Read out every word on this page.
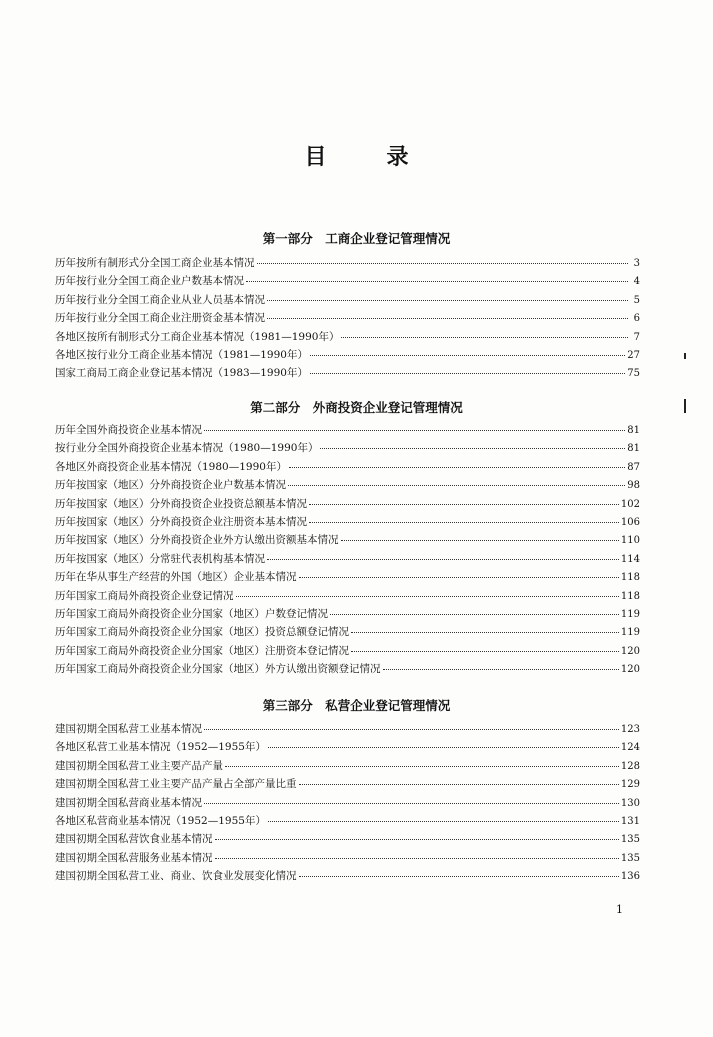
目	录
第一部分　工商企业登记管理情况
历年按所有制形式分全国工商企业基本情况	3
历年按行业分全国工商企业户数基本情况	4
历年按行业分全国工商企业从业人员基本情况	5
历年按行业分全国工商企业注册资金基本情况	6
各地区按所有制形式分工商企业基本情况（1981—1990年）	7
各地区按行业分工商企业基本情况（1981—1990年）	27
国家工商局工商企业登记基本情况（1983—1990年）	75
第二部分　外商投资企业登记管理情况
历年全国外商投资企业基本情况	81
按行业分全国外商投资企业基本情况（1980—1990年）	81
各地区外商投资企业基本情况（1980—1990年）	87
历年按国家（地区）分外商投资企业户数基本情况	98
历年按国家（地区）分外商投资企业投资总额基本情况	102
历年按国家（地区）分外商投资企业注册资本基本情况	106
历年按国家（地区）分外商投资企业外方认缴出资额基本情况	110
历年按国家（地区）分常驻代表机构基本情况	114
历年在华从事生产经营的外国（地区）企业基本情况	118
历年国家工商局外商投资企业登记情况	118
历年国家工商局外商投资企业分国家（地区）户数登记情况	119
历年国家工商局外商投资企业分国家（地区）投资总额登记情况	119
历年国家工商局外商投资企业分国家（地区）注册资本登记情况	120
历年国家工商局外商投资企业分国家（地区）外方认缴出资额登记情况	120
第三部分　私营企业登记管理情况
建国初期全国私营工业基本情况	123
各地区私营工业基本情况（1952—1955年）	124
建国初期全国私营工业主要产品产量	128
建国初期全国私营工业主要产品产量占全部产量比重	129
建国初期全国私营商业基本情况	130
各地区私营商业基本情况（1952—1955年）	131
建国初期全国私营饮食业基本情况	135
建国初期全国私营服务业基本情况	135
建国初期全国私营工业、商业、饮食业发展变化情况	136
1
